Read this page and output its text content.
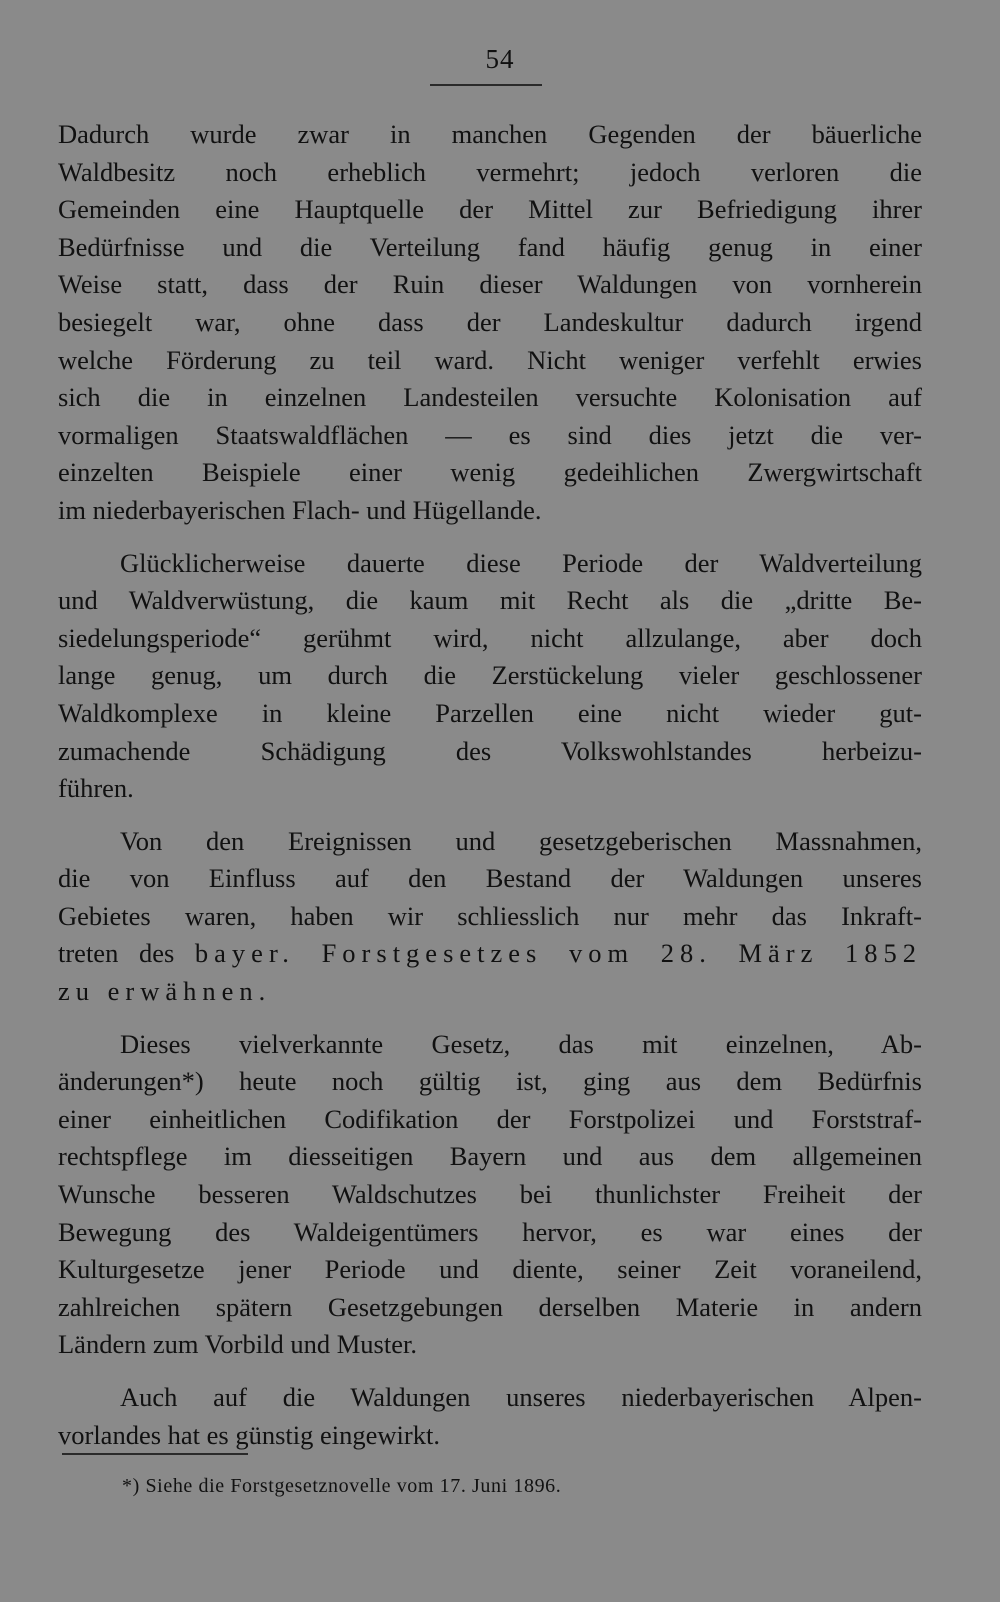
54
Dadurch wurde zwar in manchen Gegenden der bäuerliche
Waldbesitz noch erheblich vermehrt; jedoch verloren die
Gemeinden eine Hauptquelle der Mittel zur Befriedigung ihrer
Bedürfnisse und die Verteilung fand häufig genug in einer
Weise statt, dass der Ruin dieser Waldungen von vornherein
besiegelt war, ohne dass der Landeskultur dadurch irgend
welche Förderung zu teil ward. Nicht weniger verfehlt erwies
sich die in einzelnen Landesteilen versuchte Kolonisation auf
vormaligen Staatswaldflächen — es sind dies jetzt die ver-
einzelten Beispiele einer wenig gedeihlichen Zwergwirtschaft
im niederbayerischen Flach- und Hügellande.
Glücklicherweise dauerte diese Periode der Waldverteilung
und Waldverwüstung, die kaum mit Recht als die „dritte Be-
siedelungsperiode“ gerühmt wird, nicht allzulange, aber doch
lange genug, um durch die Zerstückelung vieler geschlossener
Waldkomplexe in kleine Parzellen eine nicht wieder gut-
zumachende Schädigung des Volkswohlstandes herbeizu-
führen.
Von den Ereignissen und gesetzgeberischen Massnahmen,
die von Einfluss auf den Bestand der Waldungen unseres
Gebietes waren, haben wir schliesslich nur mehr das Inkraft-
treten des bayer. Forstgesetzes vom 28. März 1852
zu erwähnen.
Dieses vielverkannte Gesetz, das mit einzelnen, Ab-
änderungen*) heute noch gültig ist, ging aus dem Bedürfnis
einer einheitlichen Codifikation der Forstpolizei und Forststraf-
rechtspflege im diesseitigen Bayern und aus dem allgemeinen
Wunsche besseren Waldschutzes bei thunlichster Freiheit der
Bewegung des Waldeigentümers hervor, es war eines der
Kulturgesetze jener Periode und diente, seiner Zeit voraneilend,
zahlreichen spätern Gesetzgebungen derselben Materie in andern
Ländern zum Vorbild und Muster.
Auch auf die Waldungen unseres niederbayerischen Alpen-
vorlandes hat es günstig eingewirkt.
*) Siehe die Forstgesetznovelle vom 17. Juni 1896.
